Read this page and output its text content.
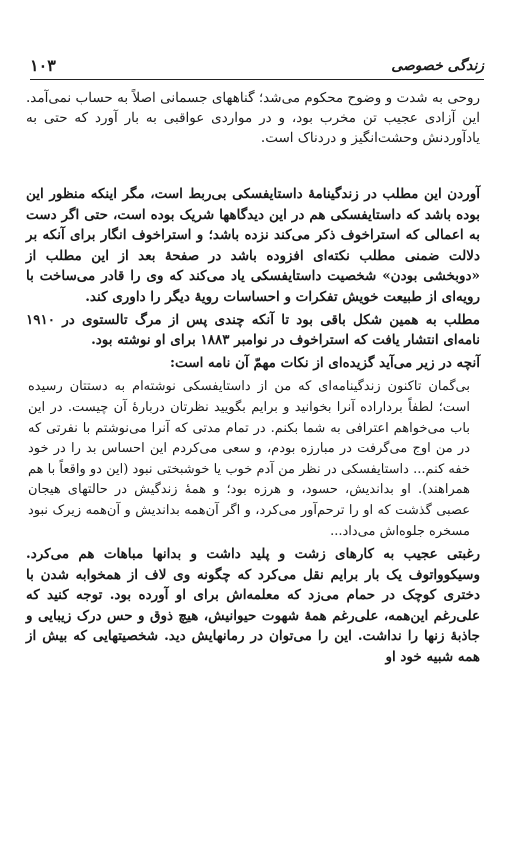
زندگی خصوصی
۱۰۳

روحی به شدت و وضوح محکوم می‌شد؛ گناههای جسمانی اصلاً به حساب نمی‌آمد. این آزادی عجیب تن مخرب بود، و در مواردی عواقبی به بار آورد که حتی به یادآوردنش وحشت‌انگیز و دردناک است.

آوردن این مطلب در زندگینامهٔ داستایفسکی بی‌ربط است، مگر اینکه منظور این بوده باشد که داستایفسکی هم در این دیدگاهها شریک بوده است، حتی اگر دست به اعمالی که استراخوف ذکر می‌کند نزده باشد؛ و استراخوف انگار برای آنکه بر دلالت ضمنی مطلب نکته‌ای افزوده باشد در صفحهٔ بعد از این مطلب از «دوبخشی بودن» شخصیت داستایفسکی یاد می‌کند که وی را قادر می‌ساخت با رویه‌ای از طبیعت خویش تفکرات و احساسات رویهٔ دیگر را داوری کند.

مطلب به همین شکل باقی بود تا آنکه چندی پس از مرگ تالستوی در ۱۹۱۰ نامه‌ای انتشار یافت که استراخوف در نوامبر ۱۸۸۳ برای او نوشته بود.

آنچه در زیر می‌آید گزیده‌ای از نکات مهمّ آن نامه است:

بی‌گمان تاکنون زندگینامه‌ای که من از داستایفسکی نوشته‌ام به دستتان رسیده است؛ لطفاً برداراده آنرا بخوانید و برایم بگویید نظرتان دربارهٔ آن چیست. در این باب می‌خواهم اعترافی به شما بکنم. در تمام مدتی که آنرا می‌نوشتم با نفرتی که در من اوج می‌گرفت در مبارزه بودم، و سعی می‌کردم این احساس بد را در خود خفه کنم... داستایفسکی در نظر من آدم خوب یا خوشبختی نبود (این دو واقعاً با هم همراهند). او بداندیش، حسود، و هرزه بود؛ و همهٔ زندگیش در حالتهای هیجان عصبی گذشت که او را ترحم‌آور می‌کرد، و اگر آن‌همه بداندیش و آن‌همه زیرک نبود مسخره جلوه‌اش می‌داد...

رغبتی عجیب به کارهای زشت و پلید داشت و بدانها مباهات هم می‌کرد. وسیکوواتوف یک بار برایم نقل می‌کرد که چگونه وی لاف از همخوابه شدن با دختری کوچک در حمام می‌زد که معلمه‌اش برای او آورده بود. توجه کنید که علی‌رغم این‌همه، علی‌رغم همهٔ شهوت حیوانیش، هیچ ذوق و حس درک زیبایی و جاذبهٔ زنها را نداشت. این را می‌توان در رمانهایش دید. شخصیتهایی که بیش از همه شبیه خود او
